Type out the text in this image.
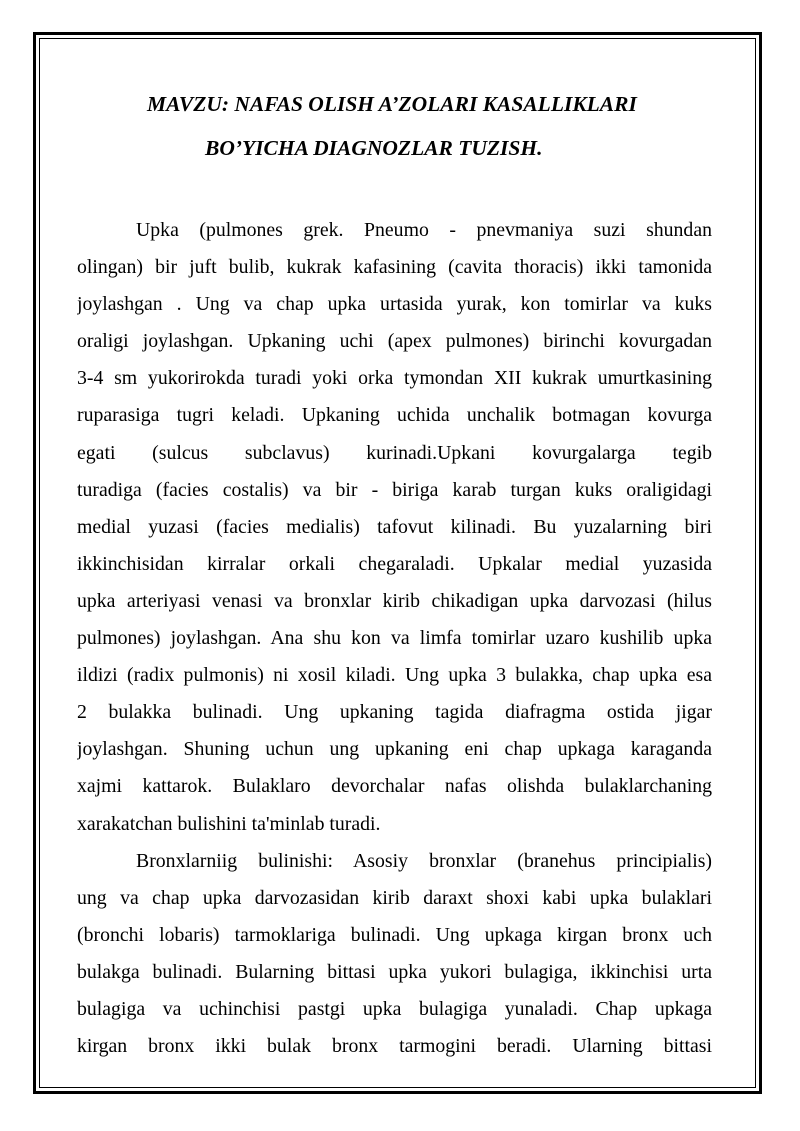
MAVZU: NAFAS OLISH A’ZOLARI KASALLIKLARI
BO’YICHA DIAGNOZLAR TUZISH.
Upka (pulmones grek. Pneumo - pnevmaniya suzi shundan
olingan) bir juft bulib, kukrak kafasining (cavita thoracis) ikki tamonida
joylashgan . Ung va chap upka urtasida yurak, kon tomirlar va kuks
oraligi joylashgan. Upkaning uchi (apex pulmones) birinchi kovurgadan
3-4 sm yukorirokda turadi yoki orka tymondan XII kukrak umurtkasining
ruparasiga tugri keladi. Upkaning uchida unchalik botmagan kovurga
egati (sulcus subclavus) kurinadi.Upkani kovurgalarga tegib
turadiga (facies costalis) va bir - biriga karab turgan kuks oraligidagi
medial yuzasi (facies medialis) tafovut kilinadi. Bu yuzalarning biri
ikkinchisidan kirralar orkali chegaraladi. Upkalar medial yuzasida
upka arteriyasi venasi va bronxlar kirib chikadigan upka darvozasi (hilus
pulmones) joylashgan. Ana shu kon va limfa tomirlar uzaro kushilib upka
ildizi (radix pulmonis) ni xosil kiladi. Ung upka 3 bulakka, chap upka esa
2 bulakka bulinadi. Ung upkaning tagida diafragma ostida jigar
joylashgan. Shuning uchun ung upkaning eni chap upkaga karaganda
xajmi kattarok. Bulaklaro devorchalar nafas olishda bulaklarchaning
xarakatchan bulishini ta'minlab turadi.
Bronxlarniig bulinishi: Asosiy bronxlar (branehus principialis)
ung va chap upka darvozasidan kirib daraxt shoxi kabi upka bulaklari
(bronchi lobaris) tarmoklariga bulinadi. Ung upkaga kirgan bronx uch
bulakga bulinadi. Bularning bittasi upka yukori bulagiga, ikkinchisi urta
bulagiga va uchinchisi pastgi upka bulagiga yunaladi. Chap upkaga
kirgan bronx ikki bulak bronx tarmogini beradi. Ularning bittasi
